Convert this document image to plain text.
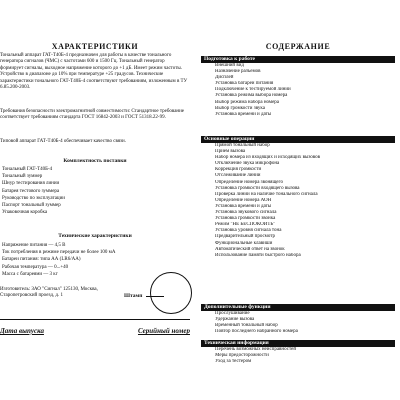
ХАРАКТЕРИСТИКИ
Тональный аппарат ГАТ-Т40Б-4 предназначен для работы в качестве тонального генератора сигналов (ЧМС) с частотами 600 и 1500 Гц. Тональный генератор формирует сигналы, выходное напряжение которого до +1 дБ. Имеет режим частоты. Устройство в диапазоне до 10% при температуре +25 градусов. Технические характеристики тонального ГАТ-Т40Б-4 соответствуют требованиям, изложенным в ТУ 6.85.200-2003.
Требования безопасности электромагнитной совместимости: Стандартное требование соответствует требованиям стандарта ГОСТ 16842-2003 и ГОСТ 51318.22-99.
Типовой аппарат ГАТ-Т40Б-4 обеспечивает качество связи.
Комплектность поставки
Тональный ГАТ-Т40Б-4
Тональный зуммер
Шнур тестирования линии
Батарея тестового зуммера
Руководство по эксплуатации
Паспорт тональный зуммер
Упаковочная коробка
Технические характеристики
Напряжение питания — 4,5 В
Ток потребления в режиме передачи не более 100 мА
Батареи питания: типа АА (LR6/AA)
Рабочая температура — 0...+40
Масса с батареями — 3 кг
Изготовитель: ЗАО "Сигнал" 125130, Москва, Старопетровский проезд, д. 1	Штамп
Дата выпуска	Серийный номер
СОДЕРЖАНИЕ
Подготовка к работе
Внешний вид
Назначение разъемов
Дисплей
Установка батареи питания
Подключение к тестируемой линии
Установка режима выбора номера
Выбор режима набора номера
Выбор громкости звука
Установка времени и даты
Основные операции
Прямой тональный набор
Прием вызова
Набор номера из входящих и исходящих вызовов
Отключение звука микрофона
Коррекция громкости
Отслеживание линии
Определение номера звонящего
Установка громкости входящего вызова
Проверка линии на наличие тонального сигнала
Определение номера АОН
Установка времени и даты
Установка звукового сигнала
Установка громкости звонка
Режим "НЕ БЕСПОКОИТЬ"
Установка уровня сигнала тона
Предварительный просмотр
Функциональные клавиши
Автоматический ответ на звонок
Использование памяти быстрого набора
Дополнительные функции
Прослушивание
Удержание вызова
Временный тональный набор
Повтор последнего набранного номера
Техническая информация
Перечень возможных неисправностей
Меры предосторожности
Уход за тестером
